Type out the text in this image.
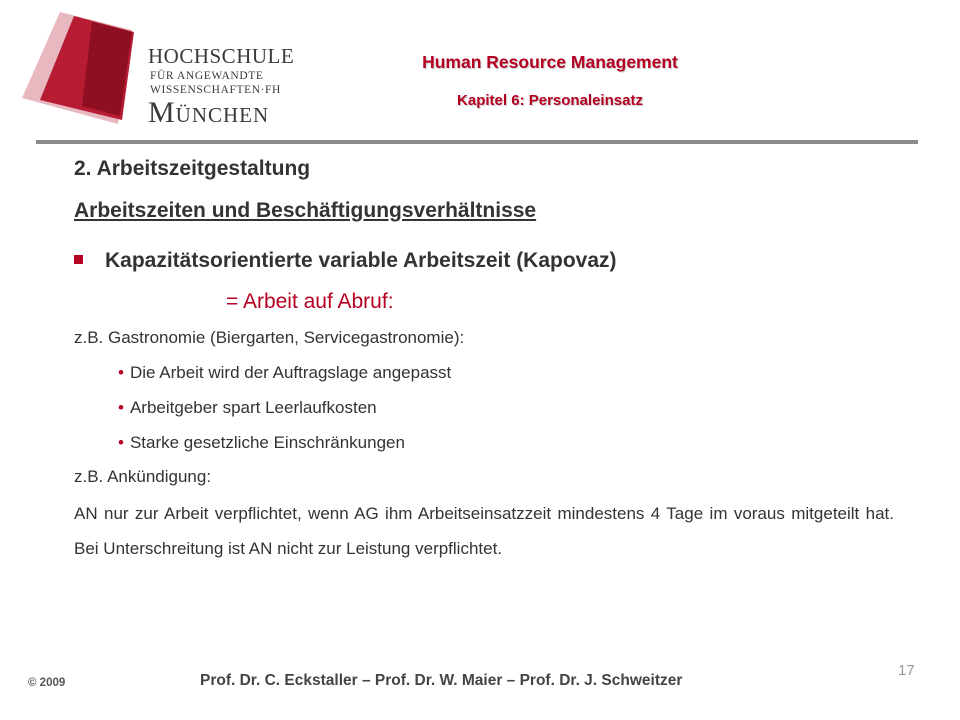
HOCHSCHULE
FÜR ANGEWANDTE
WISSENSCHAFTEN·FH
München
Human Resource Management
Kapitel 6: Personaleinsatz
2. Arbeitszeitgestaltung
Arbeitszeiten und Beschäftigungsverhältnisse
Kapazitätsorientierte variable Arbeitszeit (Kapovaz)
= Arbeit auf Abruf:
z.B. Gastronomie (Biergarten, Servicegastronomie):
• Die Arbeit wird der Auftragslage angepasst
• Arbeitgeber spart Leerlaufkosten
• Starke gesetzliche Einschränkungen
z.B. Ankündigung:
AN nur zur Arbeit verpflichtet, wenn AG ihm Arbeitseinsatzzeit mindestens 4 Tage im voraus mitgeteilt hat. Bei Unterschreitung ist AN nicht zur Leistung verpflichtet.
17
© 2009	Prof. Dr. C. Eckstaller – Prof. Dr. W. Maier – Prof. Dr. J. Schweitzer
